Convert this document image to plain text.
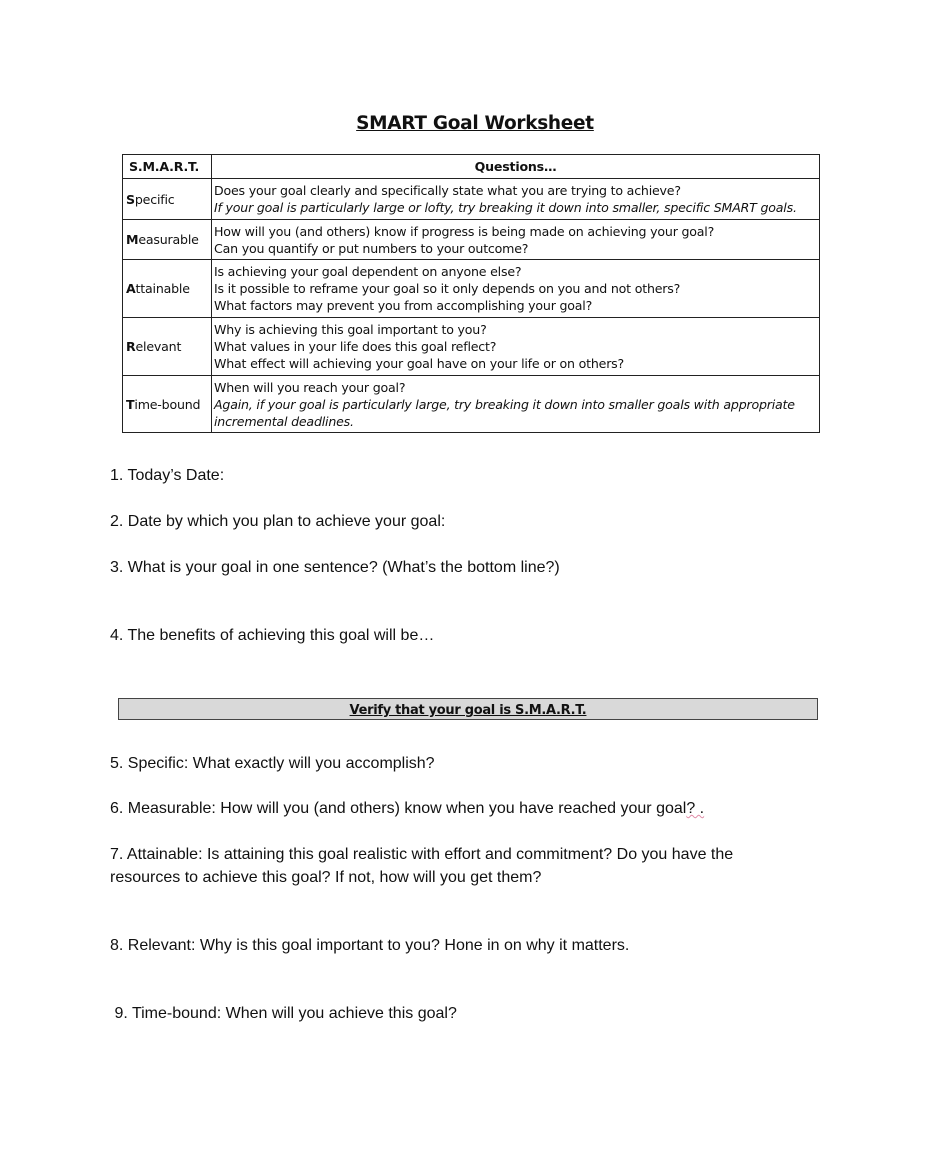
SMART Goal Worksheet
S.M.A.R.T.	Questions…
Specific	Does your goal clearly and specifically state what you are trying to achieve?
If your goal is particularly large or lofty, try breaking it down into smaller, specific SMART goals.

Measurable	How will you (and others) know if progress is being made on achieving your goal?
Can you quantify or put numbers to your outcome?

Attainable	Is achieving your goal dependent on anyone else?
Is it possible to reframe your goal so it only depends on you and not others?
What factors may prevent you from accomplishing your goal?

Relevant	Why is achieving this goal important to you?
What values in your life does this goal reflect?
What effect will achieving your goal have on your life or on others?

Time-bound	When will you reach your goal?
Again, if your goal is particularly large, try breaking it down into smaller goals with appropriate incremental deadlines.
1. Today’s Date:
2. Date by which you plan to achieve your goal:
3. What is your goal in one sentence? (What’s the bottom line?)
4. The benefits of achieving this goal will be…
Verify that your goal is S.M.A.R.T.
5. Specific: What exactly will you accomplish?
6. Measurable: How will you (and others) know when you have reached your goal? .
7. Attainable: Is attaining this goal realistic with effort and commitment? Do you have the
resources to achieve this goal? If not, how will you get them?
8. Relevant: Why is this goal important to you? Hone in on why it matters.
9. Time-bound: When will you achieve this goal?
